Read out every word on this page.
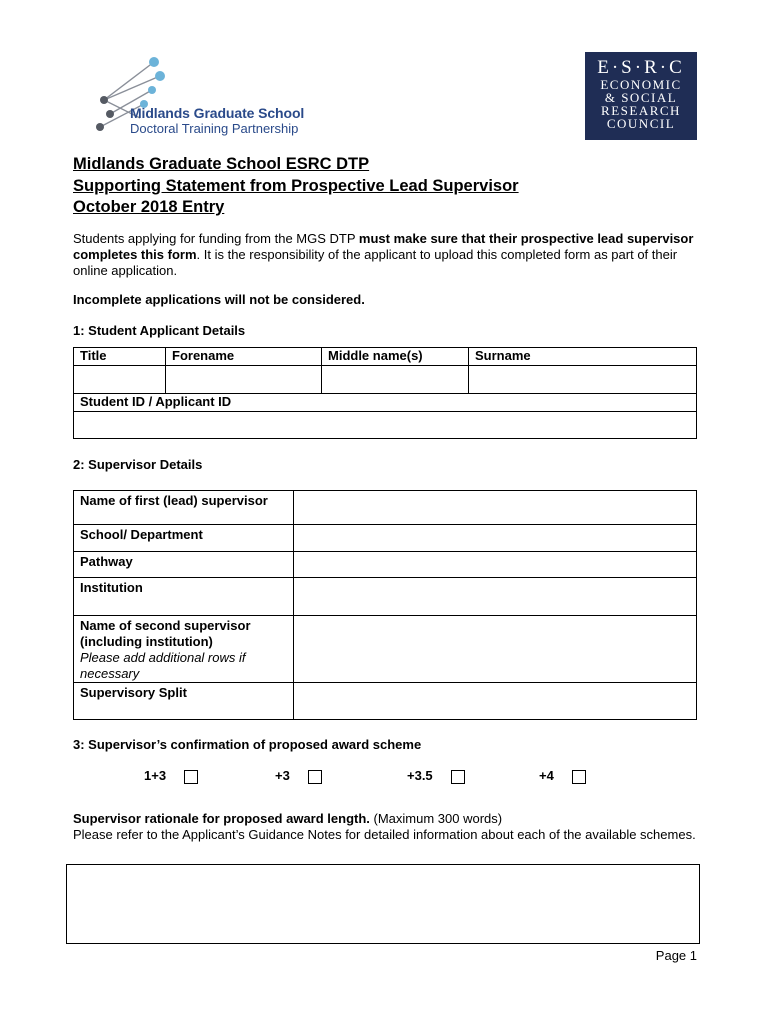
Midlands Graduate School
Doctoral Training Partnership
E·S·R·C
ECONOMIC
& SOCIAL
RESEARCH
COUNCIL
Midlands Graduate School ESRC DTP
Supporting Statement from Prospective Lead Supervisor
October 2018 Entry
Students applying for funding from the MGS DTP must make sure that their prospective lead supervisor completes this form. It is the responsibility of the applicant to upload this completed form as part of their online application.
Incomplete applications will not be considered.
1: Student Applicant Details
Title	Forename	Middle name(s)	Surname

Student ID / Applicant ID			

2: Supervisor Details
Name of first (lead) supervisor	
School/ Department	
Pathway	
Institution	

Name of second supervisor (including institution)
Please add additional rows if necessary	

Supervisory Split	
3: Supervisor’s confirmation of proposed award scheme
1+3	+3	+3.5	+4
Supervisor rationale for proposed award length. (Maximum 300 words)
Please refer to the Applicant’s Guidance Notes for detailed information about each of the available schemes.
Page 1
